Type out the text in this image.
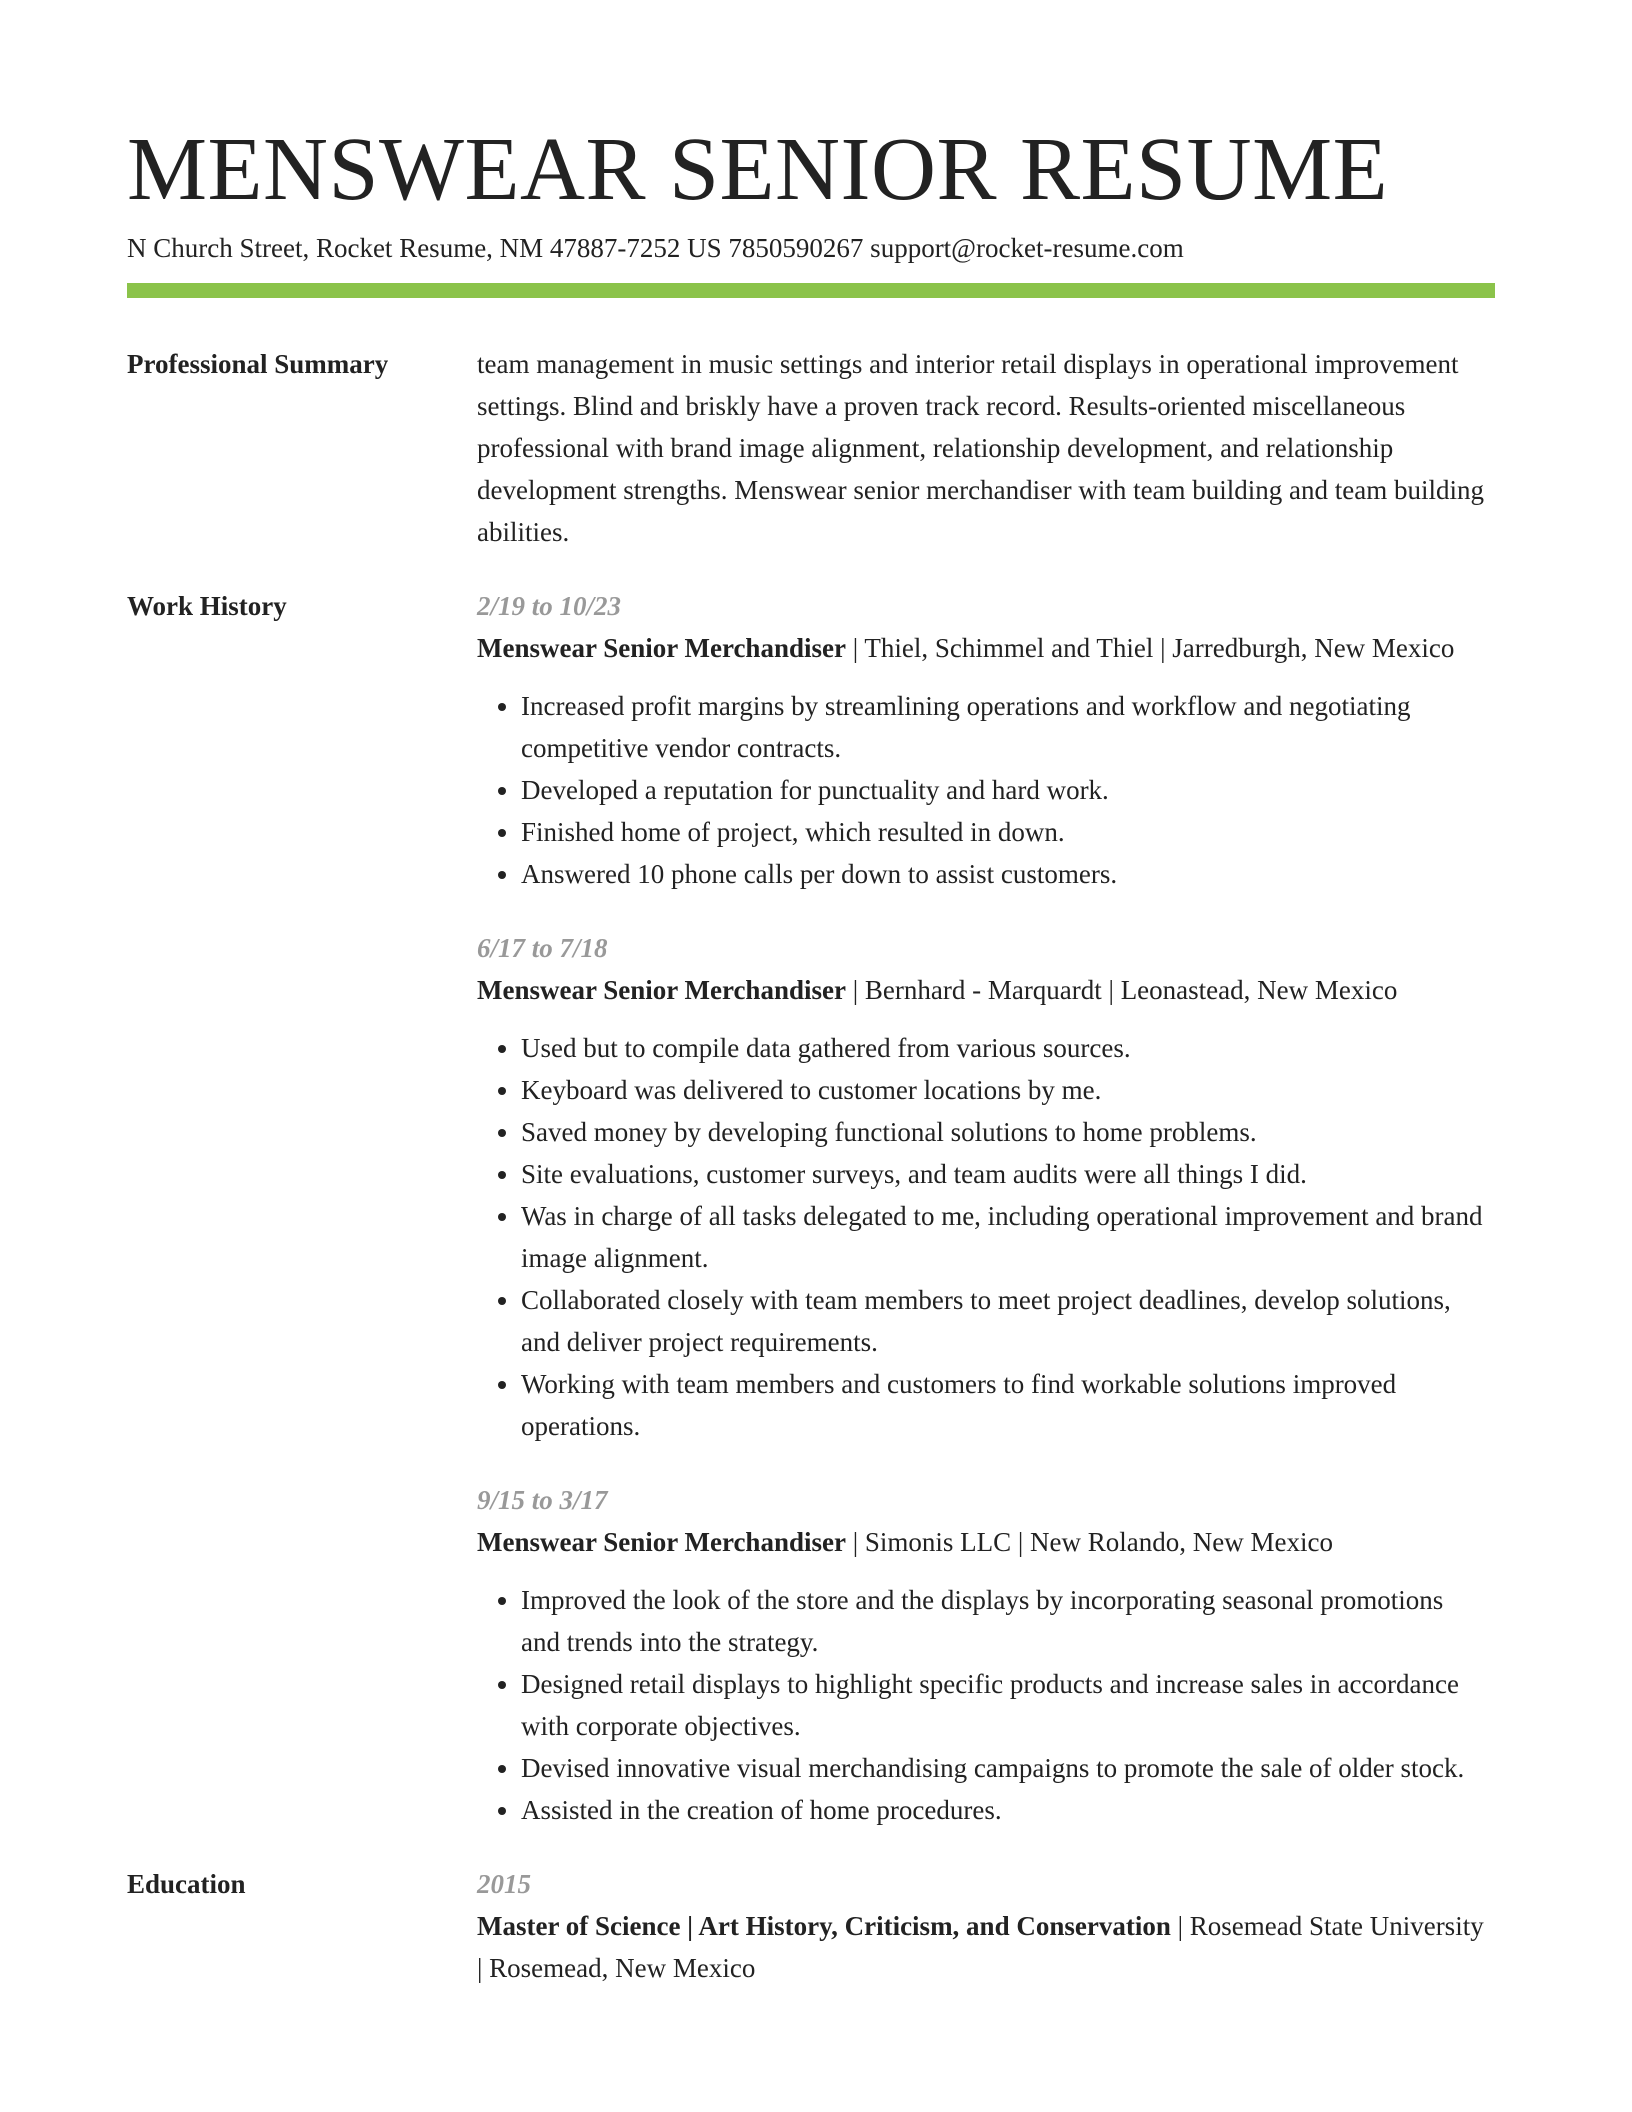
MENSWEAR SENIOR RESUME
N Church Street, Rocket Resume, NM 47887-7252 US 7850590267 support@rocket-resume.com
Professional Summary	team management in music settings and interior retail displays in operational improvement settings. Blind and briskly have a proven track record. Results-oriented miscellaneous professional with brand image alignment, relationship development, and relationship development strengths. Menswear senior merchandiser with team building and team building abilities.
Work History	2/19 to 10/23
Menswear Senior Merchandiser | Thiel, Schimmel and Thiel | Jarredburgh, New Mexico
• Increased profit margins by streamlining operations and workflow and negotiating competitive vendor contracts.
• Developed a reputation for punctuality and hard work.
• Finished home of project, which resulted in down.
• Answered 10 phone calls per down to assist customers.
6/17 to 7/18
Menswear Senior Merchandiser | Bernhard - Marquardt | Leonastead, New Mexico
• Used but to compile data gathered from various sources.
• Keyboard was delivered to customer locations by me.
• Saved money by developing functional solutions to home problems.
• Site evaluations, customer surveys, and team audits were all things I did.
• Was in charge of all tasks delegated to me, including operational improvement and brand image alignment.
• Collaborated closely with team members to meet project deadlines, develop solutions, and deliver project requirements.
• Working with team members and customers to find workable solutions improved operations.
9/15 to 3/17
Menswear Senior Merchandiser | Simonis LLC | New Rolando, New Mexico
• Improved the look of the store and the displays by incorporating seasonal promotions and trends into the strategy.
• Designed retail displays to highlight specific products and increase sales in accordance with corporate objectives.
• Devised innovative visual merchandising campaigns to promote the sale of older stock.
• Assisted in the creation of home procedures.
Education	2015
Master of Science | Art History, Criticism, and Conservation | Rosemead State University | Rosemead, New Mexico
